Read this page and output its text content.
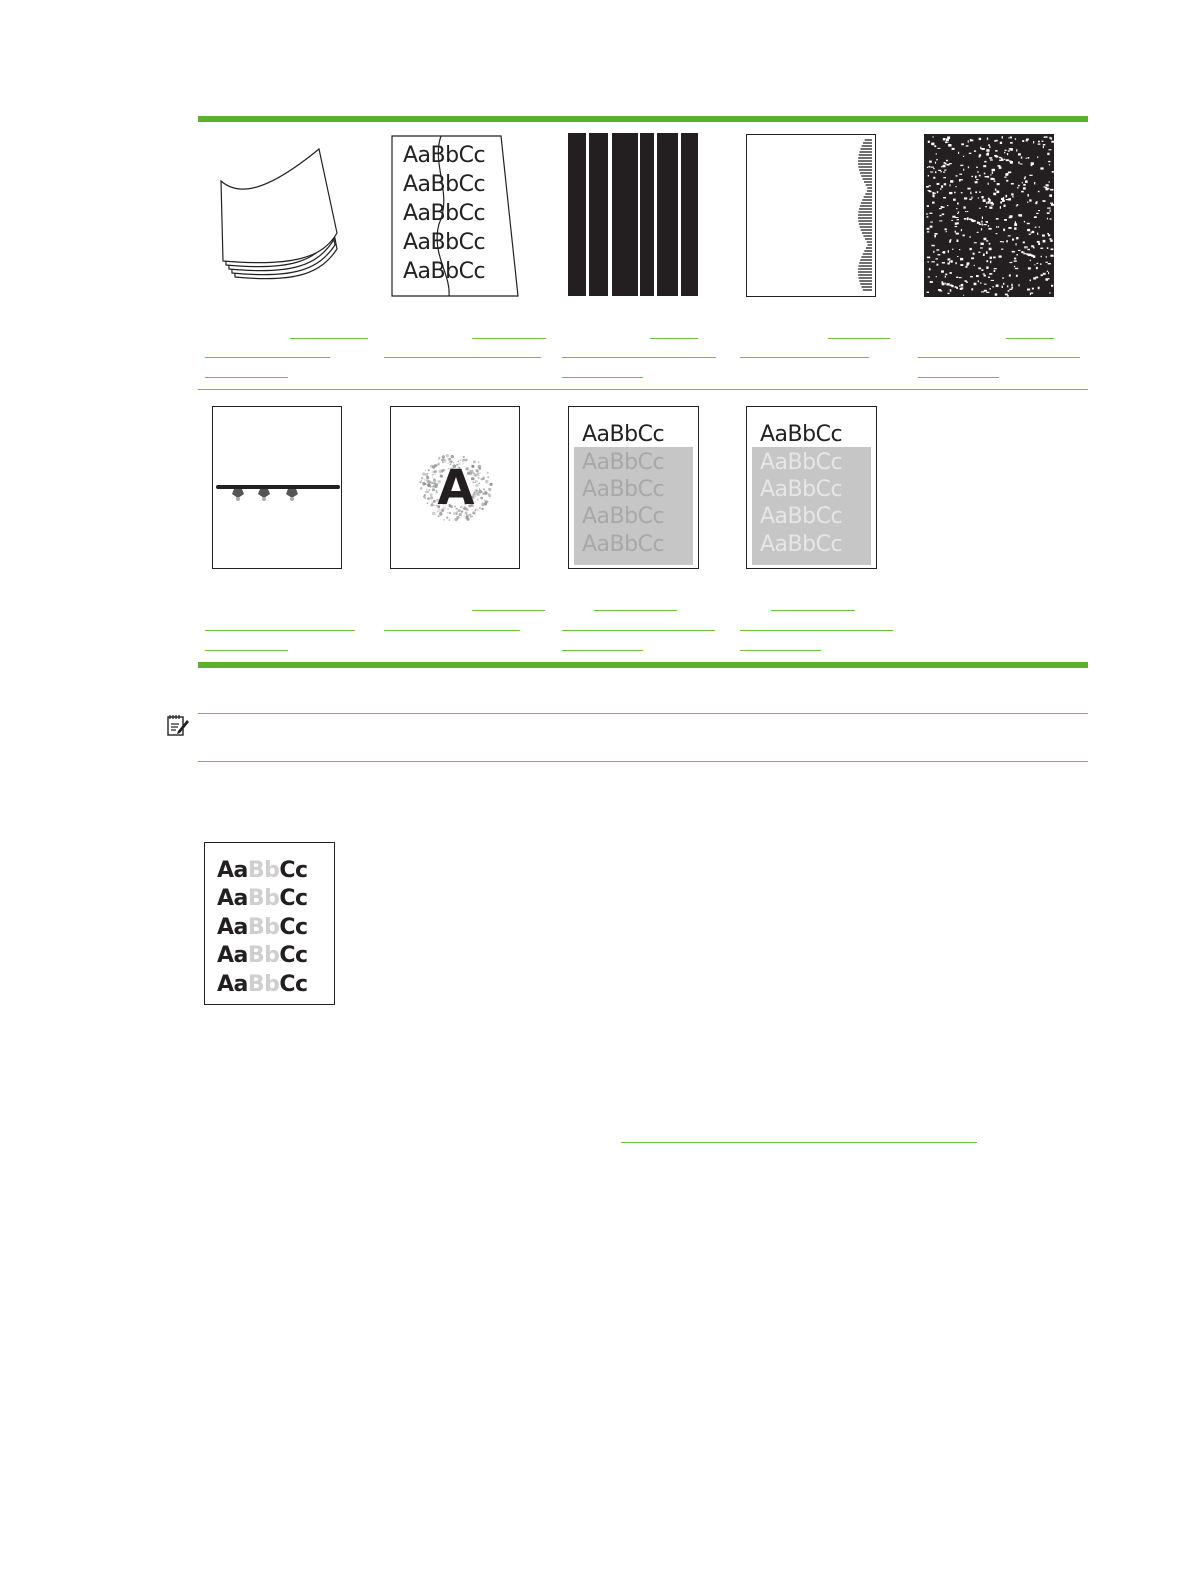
AaBbCc
AaBbCc
AaBbCc
AaBbCc
AaBbCc
A
AaBbCc
AaBbCc
AaBbCc
AaBbCc
AaBbCc
AaBbCc
AaBbCc
AaBbCc
AaBbCc
AaBbCc
AaBbCc
AaBbCc
AaBbCc
AaBbCc
AaBbCc
